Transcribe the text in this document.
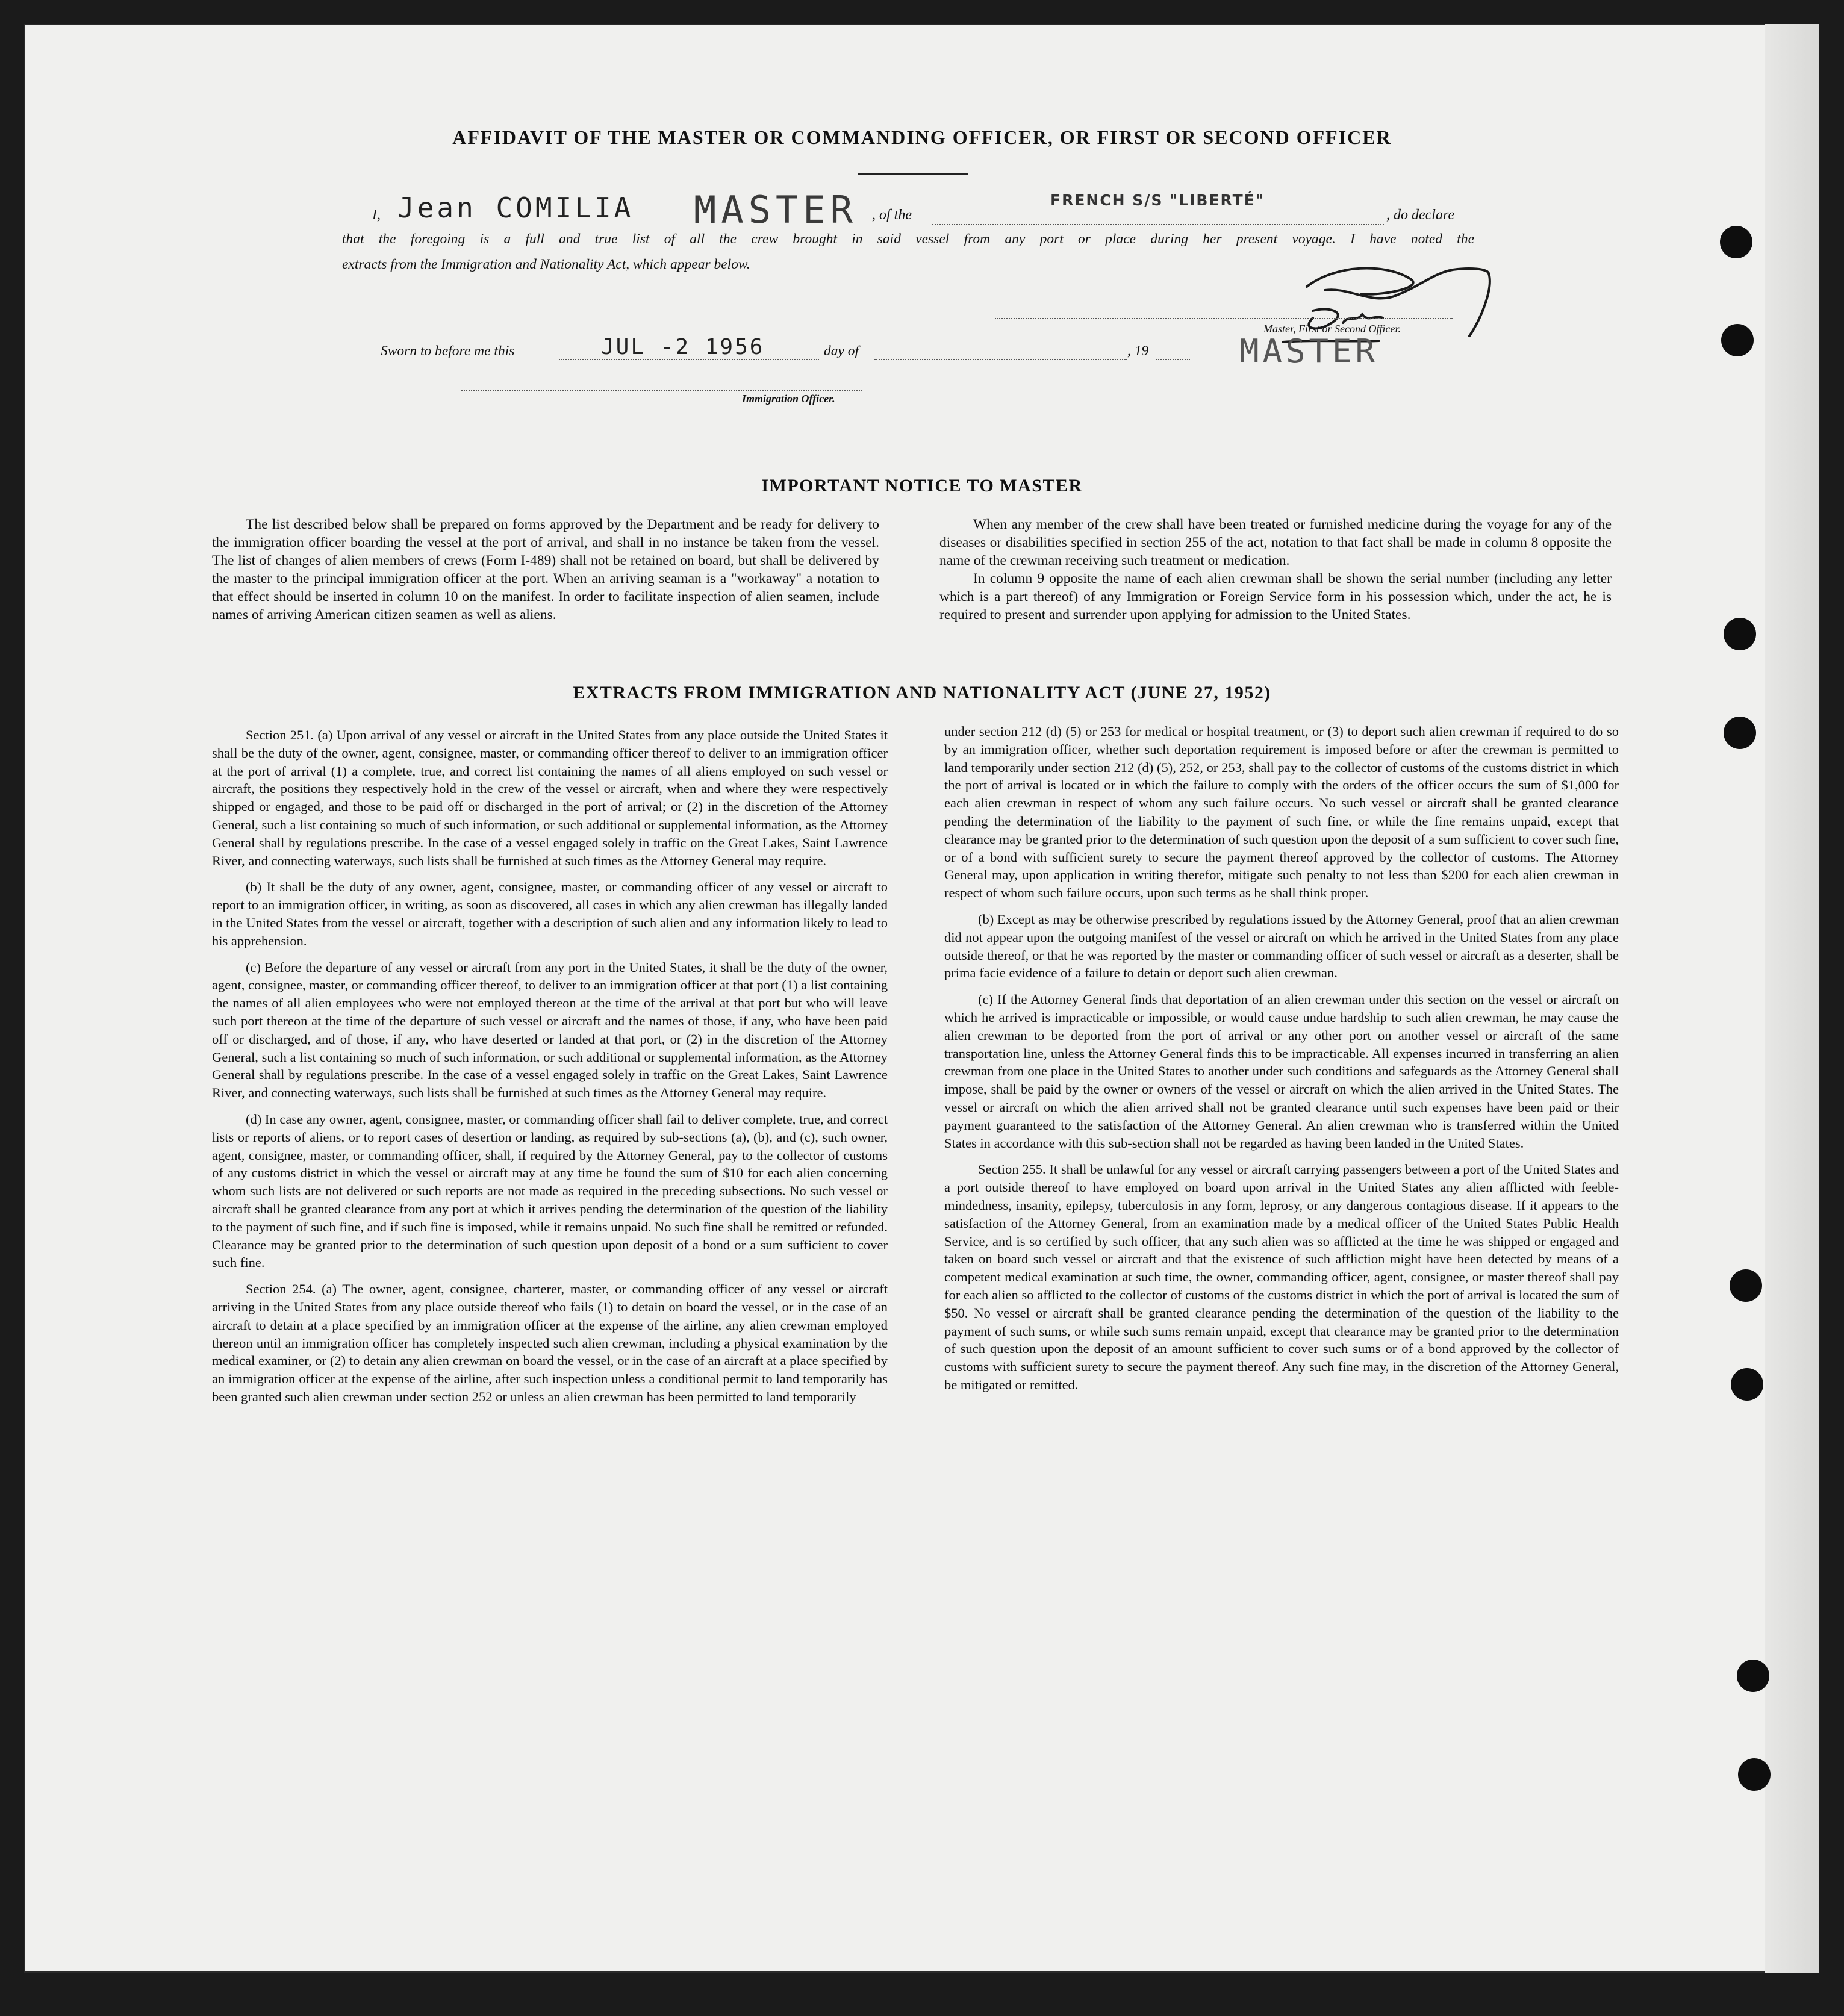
AFFIDAVIT OF THE MASTER OR COMMANDING OFFICER, OR FIRST OR SECOND OFFICER
I, Jean COMILIA MASTER , of the
FRENCH S/S "LIBERTÉ"
, do declare
that the foregoing is a full and true list of all the crew brought in said vessel from any port or place during her present voyage. I have noted the
extracts from the Immigration and Nationality Act, which appear below.
Master, First or Second Officer.
MASTER
Sworn to before me this	JUL -2 1956	day of	, 19
Immigration Officer.
IMPORTANT NOTICE TO MASTER

The list described below shall be prepared on forms approved by the Department and be ready for delivery to the immigration officer boarding the vessel at the port of arrival, and shall in no instance be taken from the vessel. The list of changes of alien members of crews (Form I-489) shall not be retained on board, but shall be delivered by the master to the principal immigration officer at the port. When an arriving seaman is a "workaway" a notation to that effect should be inserted in column 10 on the manifest. In order to facilitate inspection of alien seamen, include names of arriving American citizen seamen as well as aliens.

When any member of the crew shall have been treated or furnished medicine during the voyage for any of the diseases or disabilities specified in section 255 of the act, notation to that fact shall be made in column 8 opposite the name of the crewman receiving such treatment or medication.

In column 9 opposite the name of each alien crewman shall be shown the serial number (including any letter which is a part thereof) of any Immigration or Foreign Service form in his possession which, under the act, he is required to present and surrender upon applying for admission to the United States.

EXTRACTS FROM IMMIGRATION AND NATIONALITY ACT (JUNE 27, 1952)

Section 251. (a) Upon arrival of any vessel or aircraft in the United States from any place outside the United States it shall be the duty of the owner, agent, consignee, master, or commanding officer thereof to deliver to an immigration officer at the port of arrival (1) a complete, true, and correct list containing the names of all aliens employed on such vessel or aircraft, the positions they respectively hold in the crew of the vessel or aircraft, when and where they were respectively shipped or engaged, and those to be paid off or discharged in the port of arrival; or (2) in the discretion of the Attorney General, such a list containing so much of such information, or such additional or supplemental information, as the Attorney General shall by regulations prescribe. In the case of a vessel engaged solely in traffic on the Great Lakes, Saint Lawrence River, and connecting waterways, such lists shall be furnished at such times as the Attorney General may require.

(b) It shall be the duty of any owner, agent, consignee, master, or commanding officer of any vessel or aircraft to report to an immigration officer, in writing, as soon as discovered, all cases in which any alien crewman has illegally landed in the United States from the vessel or aircraft, together with a description of such alien and any information likely to lead to his apprehension.

(c) Before the departure of any vessel or aircraft from any port in the United States, it shall be the duty of the owner, agent, consignee, master, or commanding officer thereof, to deliver to an immigration officer at that port (1) a list containing the names of all alien employees who were not employed thereon at the time of the arrival at that port but who will leave such port thereon at the time of the departure of such vessel or aircraft and the names of those, if any, who have been paid off or discharged, and of those, if any, who have deserted or landed at that port, or (2) in the discretion of the Attorney General, such a list containing so much of such information, or such additional or supplemental information, as the Attorney General shall by regulations prescribe. In the case of a vessel engaged solely in traffic on the Great Lakes, Saint Lawrence River, and connecting waterways, such lists shall be furnished at such times as the Attorney General may require.

(d) In case any owner, agent, consignee, master, or commanding officer shall fail to deliver complete, true, and correct lists or reports of aliens, or to report cases of desertion or landing, as required by sub-sections (a), (b), and (c), such owner, agent, consignee, master, or commanding officer, shall, if required by the Attorney General, pay to the collector of customs of any customs district in which the vessel or aircraft may at any time be found the sum of $10 for each alien concerning whom such lists are not delivered or such reports are not made as required in the preceding subsections. No such vessel or aircraft shall be granted clearance from any port at which it arrives pending the determination of the question of the liability to the payment of such fine, and if such fine is imposed, while it remains unpaid. No such fine shall be remitted or refunded. Clearance may be granted prior to the determination of such question upon deposit of a bond or a sum sufficient to cover such fine.

Section 254. (a) The owner, agent, consignee, charterer, master, or commanding officer of any vessel or aircraft arriving in the United States from any place outside thereof who fails (1) to detain on board the vessel, or in the case of an aircraft to detain at a place specified by an immigration officer at the expense of the airline, any alien crewman employed thereon until an immigration officer has completely inspected such alien crewman, including a physical examination by the medical examiner, or (2) to detain any alien crewman on board the vessel, or in the case of an aircraft at a place specified by an immigration officer at the expense of the airline, after such inspection unless a conditional permit to land temporarily has been granted such alien crewman under section 252 or unless an alien crewman has been permitted to land temporarily

under section 212 (d) (5) or 253 for medical or hospital treatment, or (3) to deport such alien crewman if required to do so by an immigration officer, whether such deportation requirement is imposed before or after the crewman is permitted to land temporarily under section 212 (d) (5), 252, or 253, shall pay to the collector of customs of the customs district in which the port of arrival is located or in which the failure to comply with the orders of the officer occurs the sum of $1,000 for each alien crewman in respect of whom any such failure occurs. No such vessel or aircraft shall be granted clearance pending the determination of the liability to the payment of such fine, or while the fine remains unpaid, except that clearance may be granted prior to the determination of such question upon the deposit of a sum sufficient to cover such fine, or of a bond with sufficient surety to secure the payment thereof approved by the collector of customs. The Attorney General may, upon application in writing therefor, mitigate such penalty to not less than $200 for each alien crewman in respect of whom such failure occurs, upon such terms as he shall think proper.

(b) Except as may be otherwise prescribed by regulations issued by the Attorney General, proof that an alien crewman did not appear upon the outgoing manifest of the vessel or aircraft on which he arrived in the United States from any place outside thereof, or that he was reported by the master or commanding officer of such vessel or aircraft as a deserter, shall be prima facie evidence of a failure to detain or deport such alien crewman.

(c) If the Attorney General finds that deportation of an alien crewman under this section on the vessel or aircraft on which he arrived is impracticable or impossible, or would cause undue hardship to such alien crewman, he may cause the alien crewman to be deported from the port of arrival or any other port on another vessel or aircraft of the same transportation line, unless the Attorney General finds this to be impracticable. All expenses incurred in transferring an alien crewman from one place in the United States to another under such conditions and safeguards as the Attorney General shall impose, shall be paid by the owner or owners of the vessel or aircraft on which the alien arrived in the United States. The vessel or aircraft on which the alien arrived shall not be granted clearance until such expenses have been paid or their payment guaranteed to the satisfaction of the Attorney General. An alien crewman who is transferred within the United States in accordance with this sub-section shall not be regarded as having been landed in the United States.

Section 255. It shall be unlawful for any vessel or aircraft carrying passengers between a port of the United States and a port outside thereof to have employed on board upon arrival in the United States any alien afflicted with feeble-mindedness, insanity, epilepsy, tuberculosis in any form, leprosy, or any dangerous contagious disease. If it appears to the satisfaction of the Attorney General, from an examination made by a medical officer of the United States Public Health Service, and is so certified by such officer, that any such alien was so afflicted at the time he was shipped or engaged and taken on board such vessel or aircraft and that the existence of such affliction might have been detected by means of a competent medical examination at such time, the owner, commanding officer, agent, consignee, or master thereof shall pay for each alien so afflicted to the collector of customs of the customs district in which the port of arrival is located the sum of $50. No vessel or aircraft shall be granted clearance pending the determination of the question of the liability to the payment of such sums, or while such sums remain unpaid, except that clearance may be granted prior to the determination of such question upon the deposit of an amount sufficient to cover such sums or of a bond approved by the collector of customs with sufficient surety to secure the payment thereof. Any such fine may, in the discretion of the Attorney General, be mitigated or remitted.
